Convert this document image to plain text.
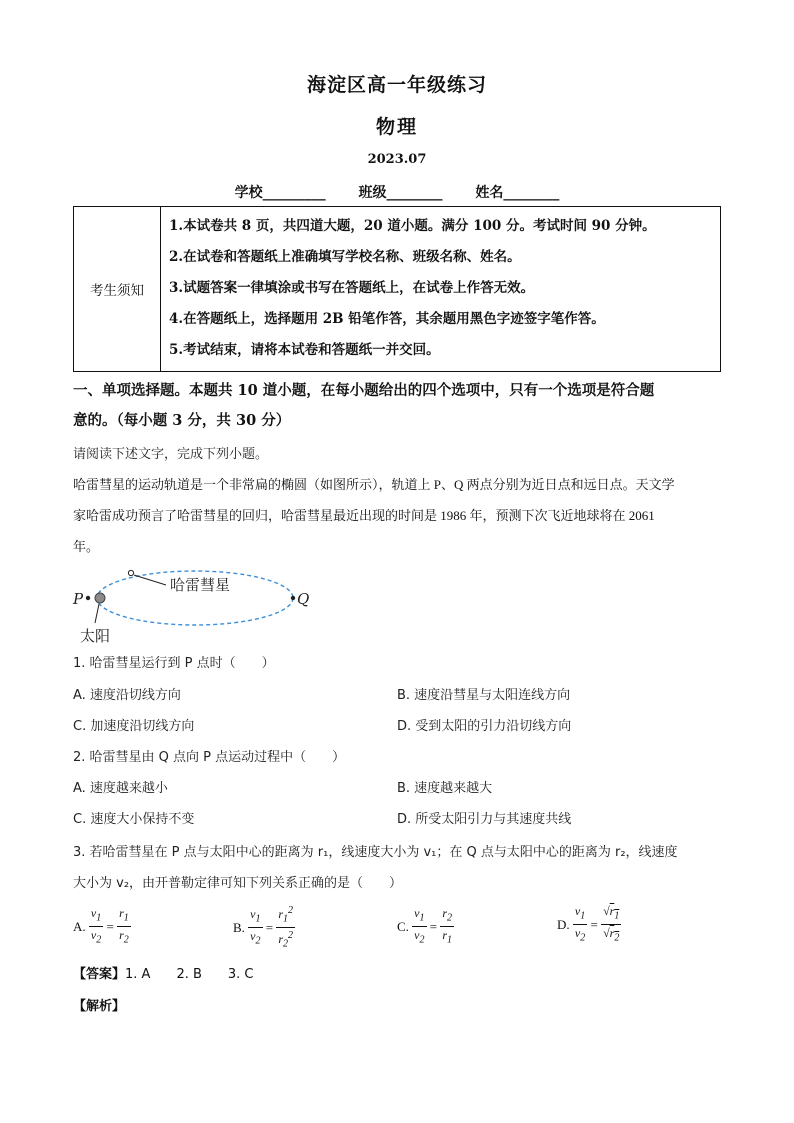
海淀区高一年级练习
物理
2023.07
学校_________ 班级________ 姓名________
考生须知	
1.本试卷共 8 页，共四道大题，20 道小题。满分 100 分。考试时间 90 分钟。
2.在试卷和答题纸上准确填写学校名称、班级名称、姓名。
3.试题答案一律填涂或书写在答题纸上，在试卷上作答无效。
4.在答题纸上，选择题用 2B 铅笔作答，其余题用黑色字迹签字笔作答。
5.考试结束，请将本试卷和答题纸一并交回。
一、单项选择题。本题共 10 道小题，在每小题给出的四个选项中，只有一个选项是符合题
意的。（每小题 3 分，共 30 分）
请阅读下述文字，完成下列小题。
哈雷彗星的运动轨道是一个非常扁的椭圆（如图所示），轨道上 P、Q 两点分别为近日点和远日点。天文学
家哈雷成功预言了哈雷彗星的回归，哈雷彗星最近出现的时间是 1986 年，预测下次飞近地球将在 2061
年。
哈雷彗星
P	Q
太阳
1. 哈雷彗星运行到 P 点时（　　）
A. 速度沿切线方向	B. 速度沿彗星与太阳连线方向
C. 加速度沿切线方向	D. 受到太阳的引力沿切线方向
2. 哈雷彗星由 Q 点向 P 点运动过程中（　　）
A. 速度越来越小	B. 速度越来越大
C. 速度大小保持不变	D. 所受太阳引力与其速度共线
3. 若哈雷彗星在 P 点与太阳中心的距离为 r₁，线速度大小为 v₁；在 Q 点与太阳中心的距离为 r₂，线速度
大小为 v₂，由开普勒定律可知下列关系正确的是（　　）
A. $\frac{v_1}{v_2} = \frac{r_1}{r_2}$	B. $\frac{v_1}{v_2} = \frac{r_1^2}{r_2^2}$	C. $\frac{v_1}{v_2} = \frac{r_2}{r_1}$	D. $\frac{v_1}{v_2} = \frac{√r_1}{√r_2}$
【答案】1. A　　2. B　　3. C
【解析】
